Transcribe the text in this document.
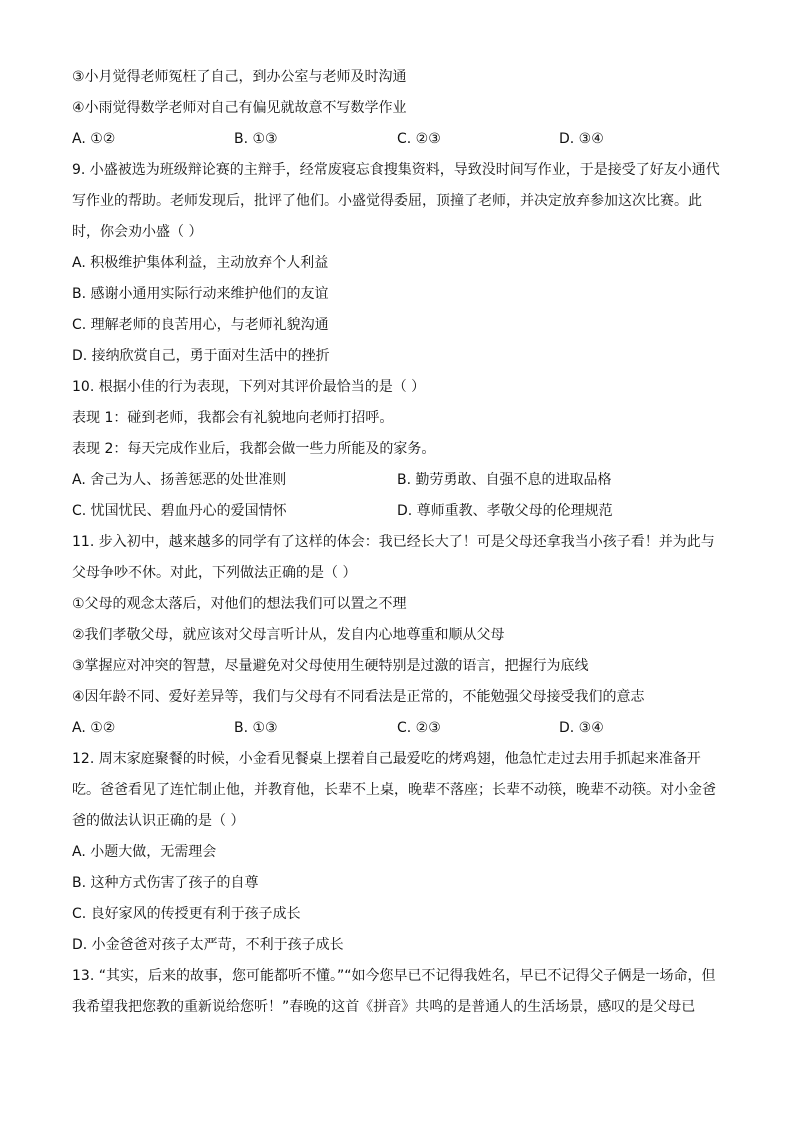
③小月觉得老师冤枉了自己，到办公室与老师及时沟通
④小雨觉得数学老师对自己有偏见就故意不写数学作业
A. ①②	B. ①③	C. ②③	D. ③④
9. 小盛被选为班级辩论赛的主辩手，经常废寝忘食搜集资料，导致没时间写作业，于是接受了好友小通代
写作业的帮助。老师发现后，批评了他们。小盛觉得委屈，顶撞了老师，并决定放弃参加这次比赛。此
时，你会劝小盛（ ）
A. 积极维护集体利益，主动放弃个人利益
B. 感谢小通用实际行动来维护他们的友谊
C. 理解老师的良苦用心，与老师礼貌沟通
D. 接纳欣赏自己，勇于面对生活中的挫折
10. 根据小佳的行为表现，下列对其评价最恰当的是（ ）
表现 1：碰到老师，我都会有礼貌地向老师打招呼。
表现 2：每天完成作业后，我都会做一些力所能及的家务。
A. 舍己为人、扬善惩恶的处世准则	B. 勤劳勇敢、自强不息的进取品格
C. 忧国忧民、碧血丹心的爱国情怀	D. 尊师重教、孝敬父母的伦理规范
11. 步入初中，越来越多的同学有了这样的体会：我已经长大了！可是父母还拿我当小孩子看！并为此与
父母争吵不休。对此，下列做法正确的是（ ）
①父母的观念太落后，对他们的想法我们可以置之不理
②我们孝敬父母，就应该对父母言听计从，发自内心地尊重和顺从父母
③掌握应对冲突的智慧，尽量避免对父母使用生硬特别是过激的语言，把握行为底线
④因年龄不同、爱好差异等，我们与父母有不同看法是正常的，不能勉强父母接受我们的意志
A. ①②	B. ①③	C. ②③	D. ③④
12. 周末家庭聚餐的时候，小金看见餐桌上摆着自己最爱吃的烤鸡翅，他急忙走过去用手抓起来准备开
吃。爸爸看见了连忙制止他，并教育他，长辈不上桌，晚辈不落座；长辈不动筷，晚辈不动筷。对小金爸
爸的做法认识正确的是（ ）
A. 小题大做，无需理会
B. 这种方式伤害了孩子的自尊
C. 良好家风的传授更有利于孩子成长
D. 小金爸爸对孩子太严苛，不利于孩子成长
13. “其实，后来的故事，您可能都听不懂。”“如今您早已不记得我姓名，早已不记得父子俩是一场命，但
我希望我把您教的重新说给您听！”春晚的这首《拼音》共鸣的是普通人的生活场景，感叹的是父母已
